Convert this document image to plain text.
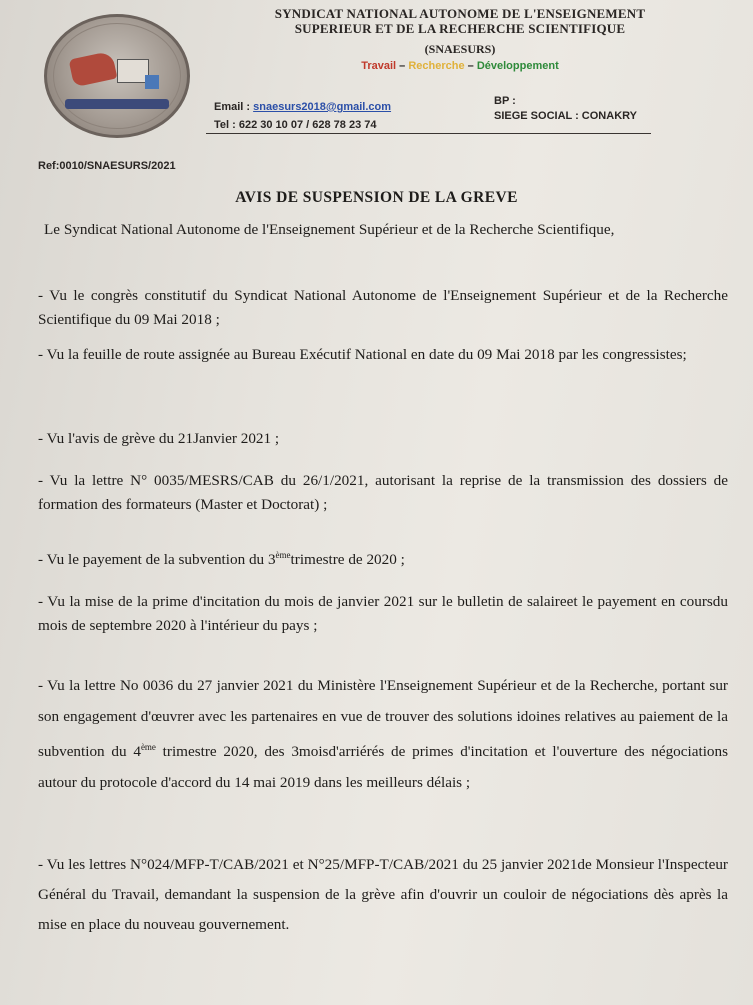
SYNDICAT NATIONAL AUTONOME DE L'ENSEIGNEMENT
SUPERIEUR ET DE LA RECHERCHE SCIENTIFIQUE
(SNAESURS)
Travail – Recherche – Développement
Email : snaesurs2018@gmail.com
Tel : 622 30 10 07 / 628 78 23 74
BP :
SIEGE SOCIAL : CONAKRY
Ref:0010/SNAESURS/2021
AVIS DE SUSPENSION DE LA GREVE
Le Syndicat National Autonome de l'Enseignement Supérieur et de la Recherche Scientifique,
- Vu le congrès constitutif du Syndicat National Autonome de l'Enseignement Supérieur et de la Recherche Scientifique du 09 Mai 2018 ;
- Vu la feuille de route assignée au Bureau Exécutif National en date du 09 Mai 2018 par les congressistes;
- Vu l'avis de grève du 21Janvier 2021 ;
- Vu la lettre N° 0035/MESRS/CAB du 26/1/2021, autorisant la reprise de la transmission des dossiers de formation des formateurs (Master et Doctorat) ;
- Vu le payement de la subvention du 3èmetrimestre de 2020 ;
- Vu la mise de la prime d'incitation du mois de janvier 2021 sur le bulletin de salaireet le payement en coursdu mois de septembre 2020 à l'intérieur du pays ;
- Vu la lettre No 0036 du 27 janvier 2021 du Ministère l'Enseignement Supérieur et de la Recherche, portant sur son engagement d'œuvrer avec les partenaires en vue de trouver des solutions idoines relatives au paiement de la subvention du 4ème trimestre 2020, des 3moisd'arriérés de primes d'incitation et l'ouverture des négociations autour du protocole d'accord du 14 mai 2019 dans les meilleurs délais ;
- Vu les lettres N°024/MFP-T/CAB/2021 et N°25/MFP-T/CAB/2021 du 25 janvier 2021de Monsieur l'Inspecteur Général du Travail, demandant la suspension de la grève afin d'ouvrir un couloir de négociations dès après la mise en place du nouveau gouvernement.
